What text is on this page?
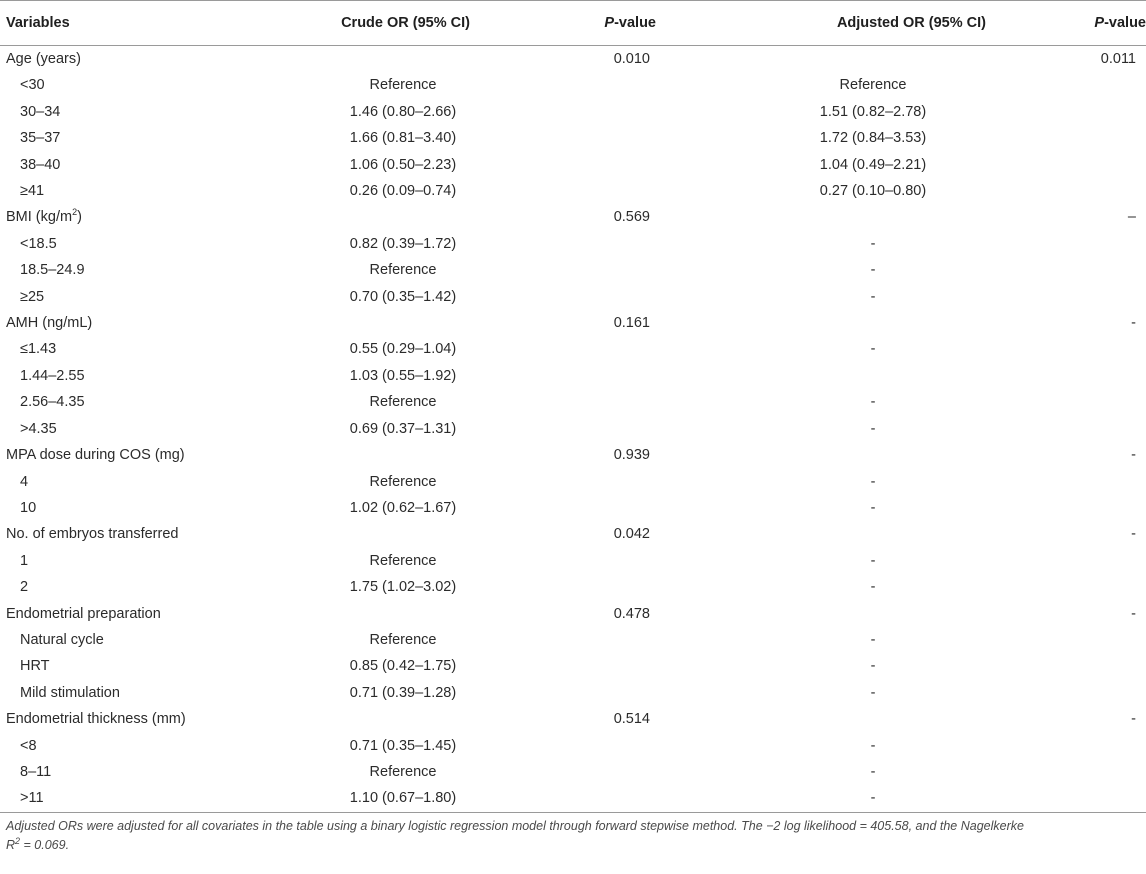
Variables	Crude OR (95% CI)	P-value	Adjusted OR (95% CI)	P-value
Age (years)		0.010		0.011
<30	Reference		Reference	
30–34	1.46 (0.80–2.66)		1.51 (0.82–2.78)	
35–37	1.66 (0.81–3.40)		1.72 (0.84–3.53)	
38–40	1.06 (0.50–2.23)		1.04 (0.49–2.21)	
≥41	0.26 (0.09–0.74)		0.27 (0.10–0.80)	
BMI $(kg/m^2)$		0.569		–
<18.5	0.82 (0.39–1.72)		-	
18.5–24.9	Reference		-	
≥25	0.70 (0.35–1.42)		-	
AMH (ng/mL)		0.161		-
≤1.43	0.55 (0.29–1.04)		-	
1.44–2.55	1.03 (0.55–1.92)			
2.56–4.35	Reference		-	
>4.35	0.69 (0.37–1.31)		-	
MPA dose during COS (mg)		0.939		-
4	Reference		-	
10	1.02 (0.62–1.67)		-	
No. of embryos transferred		0.042		-
1	Reference		-	
2	1.75 (1.02–3.02)		-	
Endometrial preparation		0.478		-
Natural cycle	Reference		-	
HRT	0.85 (0.42–1.75)		-	
Mild stimulation	0.71 (0.39–1.28)		-	
Endometrial thickness (mm)		0.514		-
<8	0.71 (0.35–1.45)		-	
8–11	Reference		-	
>11	1.10 (0.67–1.80)		-	
Adjusted ORs were adjusted for all covariates in the table using a binary logistic regression model through forward stepwise method. The −2 log likelihood = 405.58, and the Nagelkerke
$R^2 = 0.069$.
